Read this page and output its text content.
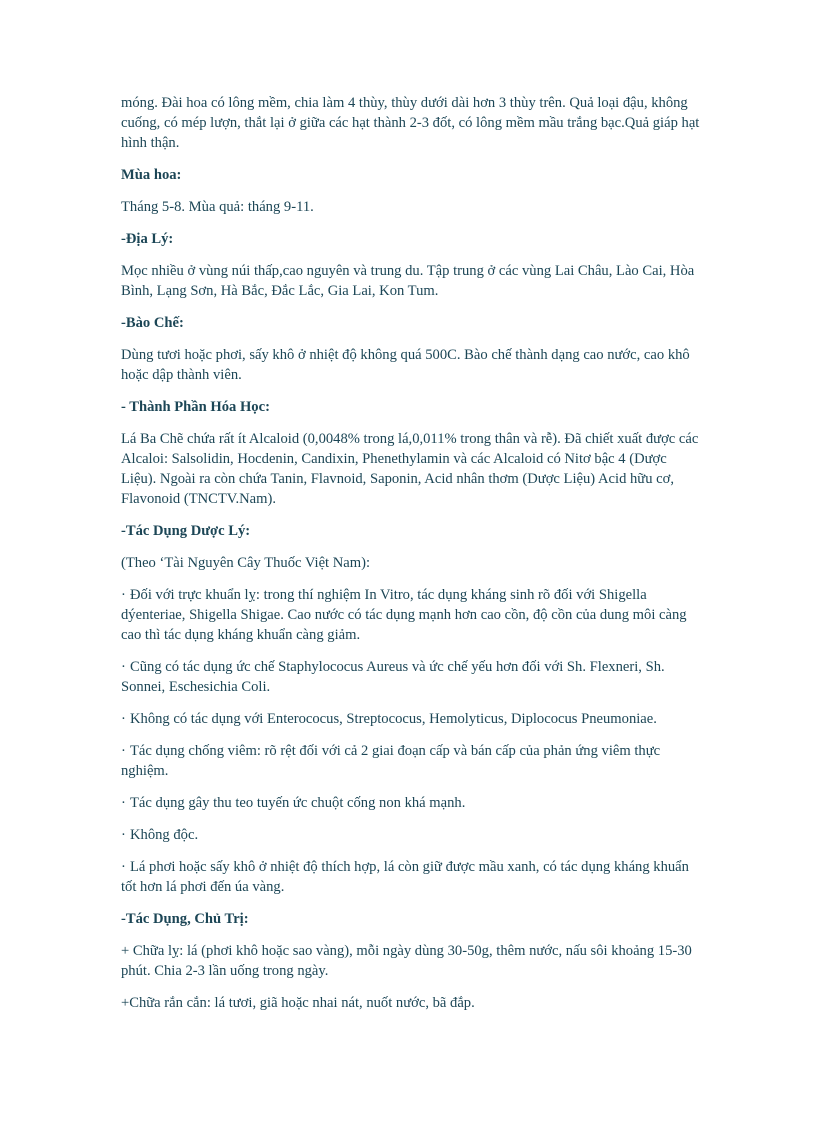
móng. Đài hoa có lông mềm, chia làm 4 thùy, thùy dưới dài hơn 3 thùy trên. Quả loại đậu, không cuống, có mép lượn, thắt lại ở giữa các hạt thành 2-3 đốt, có lông mềm mầu trắng bạc.Quả giáp hạt hình thận.

Mùa hoa:

Tháng 5-8. Mùa quả: tháng 9-11.

-Địa Lý:

Mọc nhiều ở vùng núi thấp,cao nguyên và trung du. Tập trung ở các vùng Lai Châu, Lào Cai, Hòa Bình, Lạng Sơn, Hà Bắc, Đắc Lắc, Gia Lai, Kon Tum.

-Bào Chế:

Dùng tươi hoặc phơi, sấy khô ở nhiệt độ không quá 500C. Bào chế thành dạng cao nước, cao khô hoặc dập thành viên.

- Thành Phần Hóa Học:

Lá Ba Chẽ chứa rất ít Alcaloid (0,0048% trong lá,0,011% trong thân và rễ). Đã chiết xuất được các Alcaloi: Salsolidin, Hocdenin, Candixin, Phenethylamin và các Alcaloid có Nitơ bậc 4 (Dược Liệu). Ngoài ra còn chứa Tanin, Flavnoid, Saponin, Acid nhân thơm (Dược Liệu) Acid hữu cơ, Flavonoid (TNCTV.Nam).

-Tác Dụng Dược Lý:

(Theo ‘Tài Nguyên Cây Thuốc Việt Nam):

· Đối với trực khuẩn lỵ: trong thí nghiệm In Vitro, tác dụng kháng sinh rõ đối với Shigella dýenteriae, Shigella Shigae. Cao nước có tác dụng mạnh hơn cao cồn, độ cồn của dung môi càng cao thì tác dụng kháng khuẩn càng giảm.

· Cũng có tác dụng ức chế Staphylococus Aureus và ức chế yếu hơn đối với Sh. Flexneri, Sh. Sonnei, Eschesichia Coli.

· Không có tác dụng với Enterococus, Streptococus, Hemolyticus, Diplococus Pneumoniae.

· Tác dụng chống viêm: rõ rệt đối với cả 2 giai đoạn cấp và bán cấp của phản ứng viêm thực nghiệm.

· Tác dụng gây thu teo tuyến ức chuột cống non khá mạnh.

· Không độc.

· Lá phơi hoặc sấy khô ở nhiệt độ thích hợp, lá còn giữ được mầu xanh, có tác dụng kháng khuẩn tốt hơn lá phơi đến úa vàng.

-Tác Dụng, Chủ Trị:

+ Chữa lỵ: lá (phơi khô hoặc sao vàng), mỗi ngày dùng 30-50g, thêm nước, nấu sôi khoảng 15-30 phút. Chia 2-3 lần uống trong ngày.

+Chữa rắn cắn: lá tươi, giã hoặc nhai nát, nuốt nước, bã đắp.
